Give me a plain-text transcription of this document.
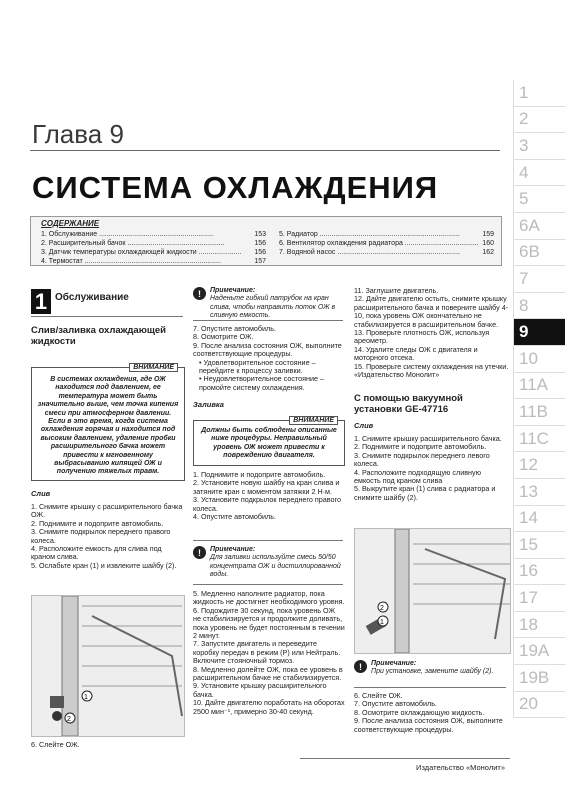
Глава 9
СИСТЕМА ОХЛАЖДЕНИЯ
СОДЕРЖАНИЕ
1. Обслуживание ...........................................................	153
2. Расширительный бачок ..................................................	156
3. Датчик температуры охлаждающей жидкости ......................	156
4. Термостат ......................................................................	157
5. Радиатор ........................................................................	159
6. Вентилятор охлаждения радиатора ...................................... 160
7. Водяной насос ...............................................................	162
1
2
3
4
5
6A
6B
7
8
9
10
11A
11B
11C
12
13
14
15
16
17
18
19A
19B
20
1 Обслуживание
Слив/заливка охлаждающей жидкости
ВНИМАНИЕ
В системах охлаждения, где ОЖ находится под давлением, ее температура может быть значительно выше, чем точка кипения смеси при атмосферном давлении. Если в это время, когда система охлаждения горячая и находится под высоким давлением, удаление пробки расширительного бачка может привести к мгновенному выбрасыванию кипящей ОЖ и получению тяжелых травм.
Слив

1. Снимите крышку с расширительного бачка ОЖ.

2. Поднимите и подоприте автомобиль.

3. Снимите подкрылок переднего правого колеса.

4. Расположите емкость для слива под краном слива.

5. Ослабьте кран (1) и извлеките шайбу (2).

1
2
6. Слейте ОЖ.
!	Примечание:
Наденьте гибкий патрубок на кран слива, чтобы направить поток ОЖ в сливную емкость.

7. Опустите автомобиль.

8. Осмотрите ОЖ.

9. После анализа состояния ОЖ, выполните соответствующие процедуры.

• Удовлетворительное состояние – перейдите к процессу заливки.

• Неудовлетворительное состояние – промойте систему охлаждения.

Заливка
ВНИМАНИЕ
Должны быть соблюдены описанные ниже процедуры. Неправильный уровень ОЖ может привести к повреждению двигателя.

1. Поднимите и подоприте автомобиль.

2. Установите новую шайбу на кран слива и затяните кран с моментом затяжки 2 Н·м.

3. Установите подкрылок переднего правого колеса.

4. Опустите автомобиль.

!	Примечание:
Для заливки используйте смесь 50/50 концентрата ОЖ и дистиллированной воды.

5. Медленно наполните радиатор, пока жидкость не достигнет необходимого уровня.

6. Подождите 30 секунд, пока уровень ОЖ не стабилизируется и продолжите доливать, пока уровень не будет постоянным в течении 2 минут.

7. Запустите двигатель и переведите коробку передач в режим (P) или Нейтраль. Включите стояночный тормоз.

8. Медленно долейте ОЖ, пока ее уровень в расширительном бачке не стабилизируется.

9. Установите крышку расширительного бачка.

10. Дайте двигателю поработать на оборотах 2500 мин⁻¹, примерно 30-40 секунд.

11. Заглушите двигатель.

12. Дайте двигателю остыть, снимите крышку расширительного бачка и поверните шайбу 4-10, пока уровень ОЖ окончательно не стабилизируется в расширительном бачке.

13. Проверьте плотность ОЖ, используя ареометр.

14. Удалите следы ОЖ с двигателя и моторного отсека.

15. Проверьте систему охлаждения на утечки. «Издательство Монолит»

С помощью вакуумной установки GE-47716
Слив

1. Снимите крышку расширительного бачка.

2. Поднимите и подоприте автомобиль.

3. Снимите подкрылок переднего левого колеса.

4. Расположите подходящую сливную емкость под краном слива

5. Выкрутите кран (1) слива с радиатора и снимите шайбу (2).

1
2
!	Примечание:
При установке, замените шайбу (2).

6. Слейте ОЖ.

7. Опустите автомобиль.

8. Осмотрите охлаждающую жидкость.

9. После анализа состояния ОЖ, выполните соответствующие процедуры.

Издательство «Монолит»
